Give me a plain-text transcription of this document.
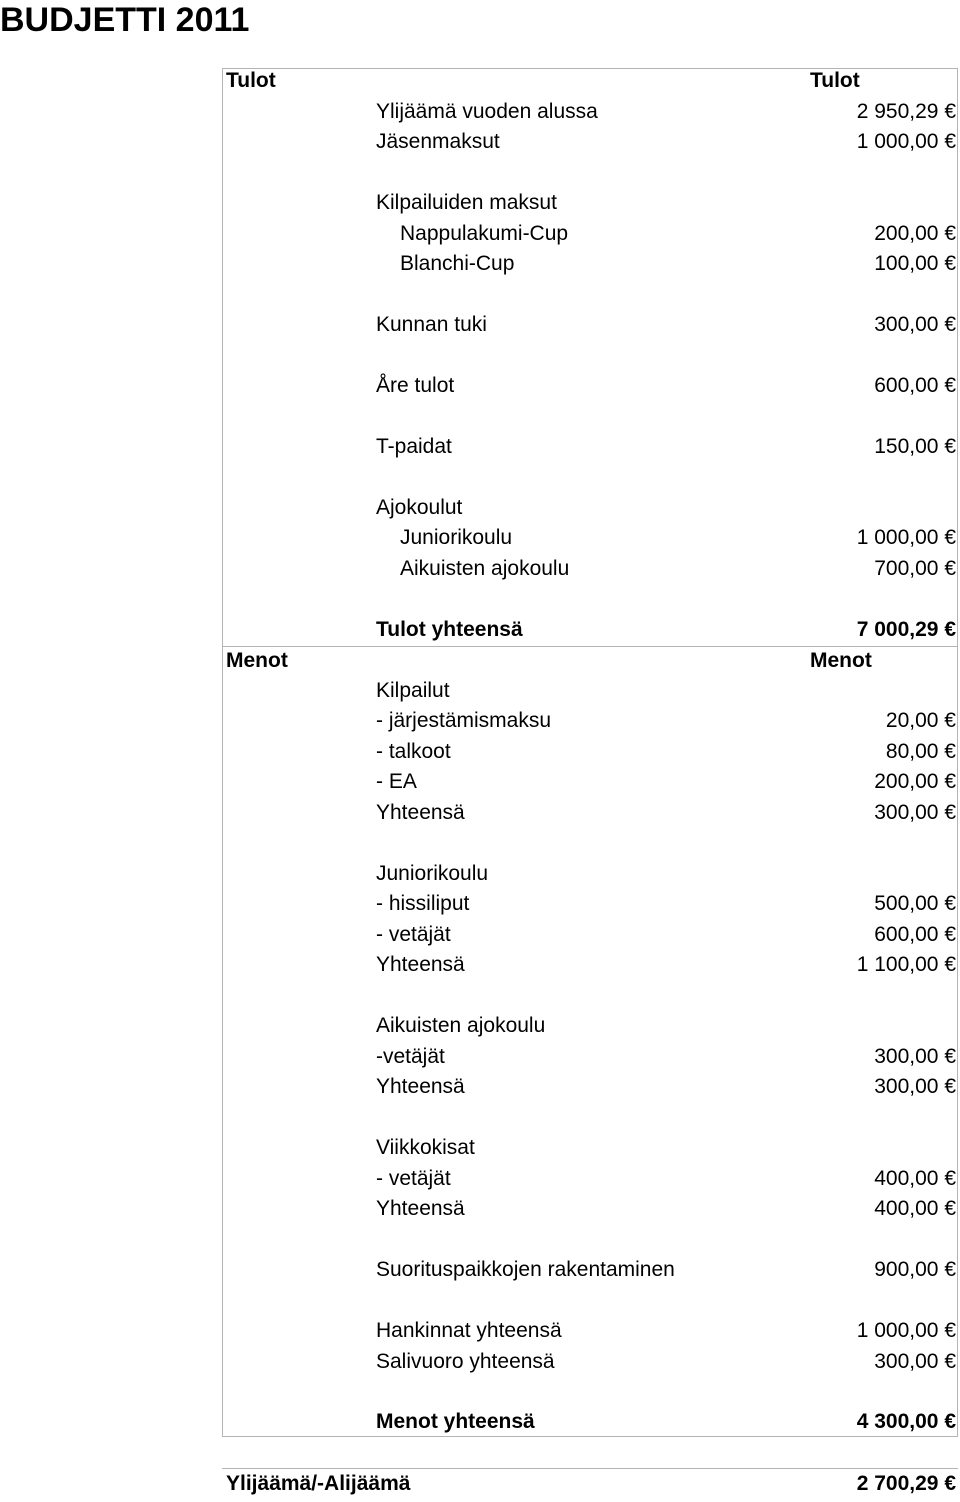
BUDJETTI 2011
Tulot	Tulot
Ylijäämä vuoden alussa	2 950,29 €
Jäsenmaksut	1 000,00 €
Kilpailuiden maksut
Nappulakumi-Cup	200,00 €
Blanchi-Cup	100,00 €
Kunnan tuki	300,00 €
Åre tulot	600,00 €
T-paidat	150,00 €
Ajokoulut
Juniorikoulu	1 000,00 €
Aikuisten ajokoulu	700,00 €
Tulot yhteensä	7 000,29 €
Menot	Menot
Kilpailut
- järjestämismaksu	20,00 €
- talkoot	80,00 €
- EA	200,00 €
Yhteensä	300,00 €
Juniorikoulu
- hissiliput	500,00 €
- vetäjät	600,00 €
Yhteensä	1 100,00 €
Aikuisten ajokoulu
-vetäjät	300,00 €
Yhteensä	300,00 €
Viikkokisat
- vetäjät	400,00 €
Yhteensä	400,00 €
Suorituspaikkojen rakentaminen	900,00 €
Hankinnat yhteensä	1 000,00 €
Salivuoro yhteensä	300,00 €
Menot yhteensä	4 300,00 €
Ylijäämä/-Alijäämä	2 700,29 €
